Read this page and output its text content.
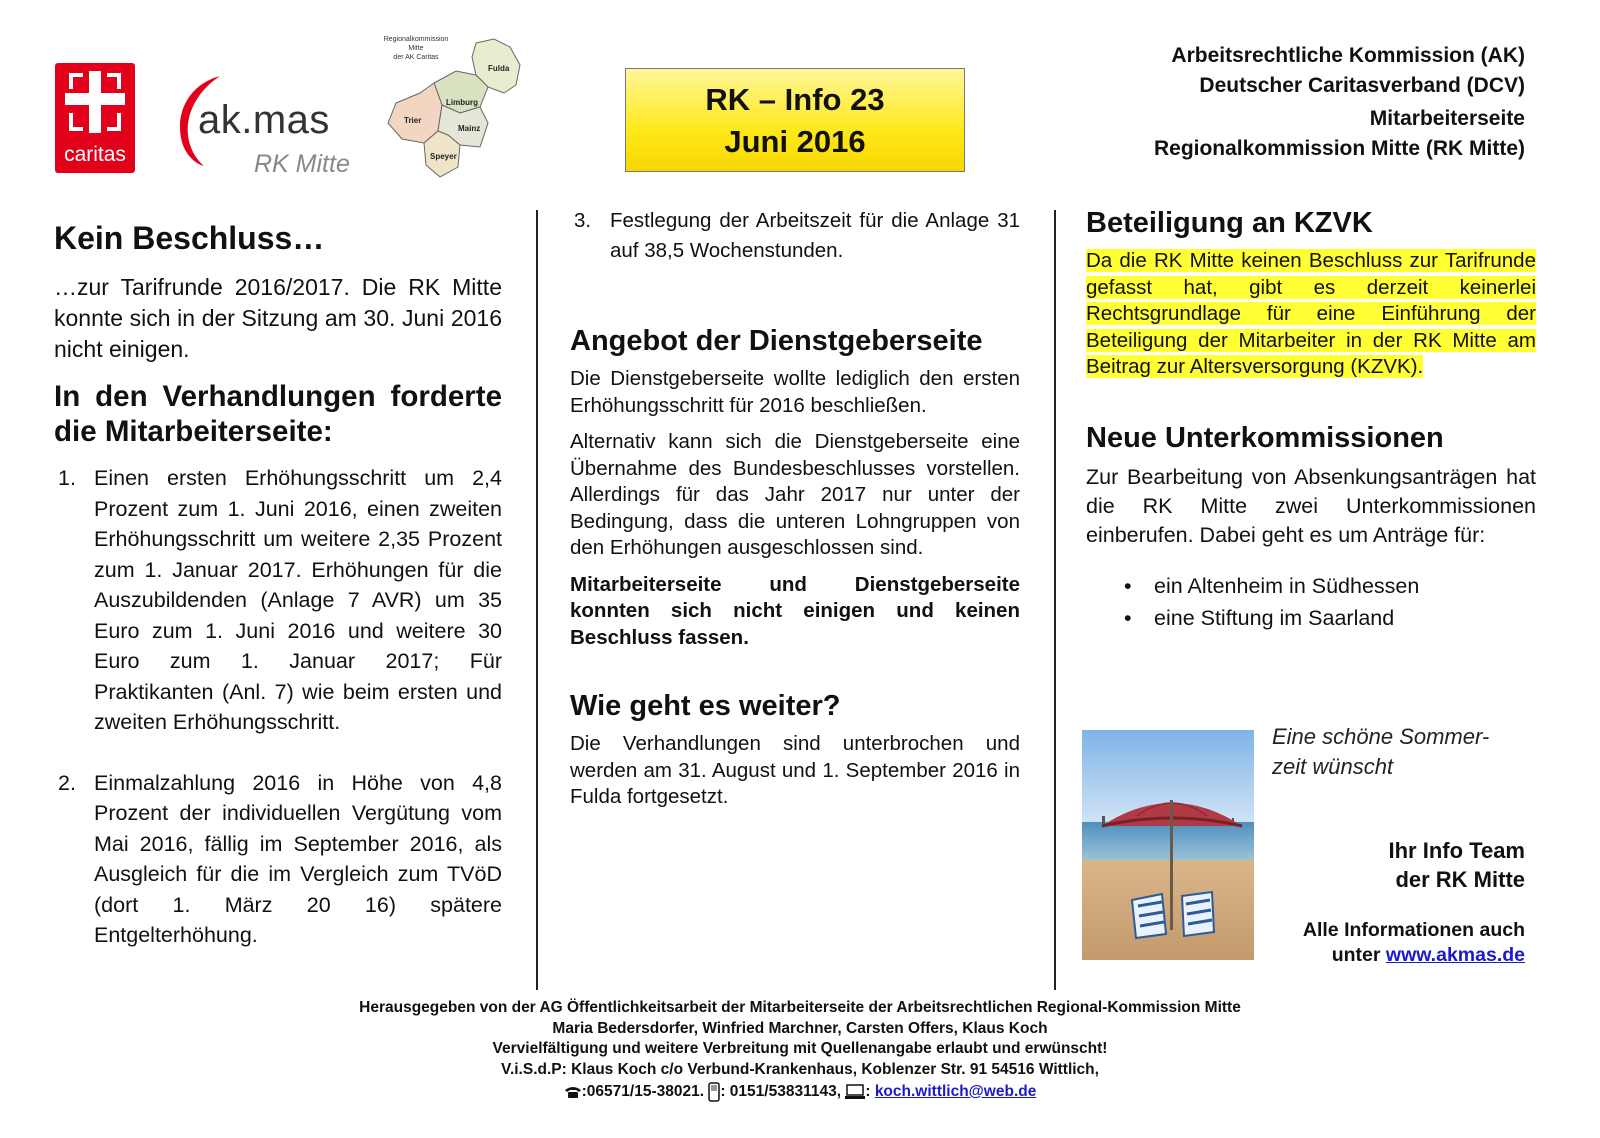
caritas
ak.mas
RK Mitte
Regionalkommission
Mitte
der AK Caritas
Fulda
Limburg
Trier
Mainz
Speyer
RK – Info 23
Juni 2016
Arbeitsrechtliche Kommission (AK)
Deutscher Caritasverband (DCV)
Mitarbeiterseite
Regionalkommission Mitte (RK Mitte)
Kein Beschluss…
…zur Tarifrunde 2016/2017. Die RK Mitte konnte sich in der Sitzung am 30. Juni 2016 nicht einigen.
In den Verhandlungen forderte die Mitarbeiterseite:
1. Einen ersten Erhöhungsschritt um 2,4 Prozent zum 1. Juni 2016, einen zweiten Erhöhungsschritt um weitere 2,35 Prozent zum 1. Januar 2017. Erhöhungen für die Auszubildenden (Anlage 7 AVR) um 35 Euro zum 1. Juni 2016 und weitere 30 Euro zum 1. Januar 2017; Für Praktikanten (Anl. 7) wie beim ersten und zweiten Erhöhungsschritt.
2. Einmalzahlung 2016 in Höhe von 4,8 Prozent der individuellen Vergütung vom Mai 2016, fällig im September 2016, als Ausgleich für die im Vergleich zum TVöD (dort 1. März 20 16) spätere Entgelterhöhung.
3. Festlegung der Arbeitszeit für die Anlage 31 auf 38,5 Wochenstunden.
Angebot der Dienstgeberseite
Die Dienstgeberseite wollte lediglich den ersten Erhöhungsschritt für 2016 beschließen.
Alternativ kann sich die Dienstgeberseite eine Übernahme des Bundesbeschlusses vorstellen. Allerdings für das Jahr 2017 nur unter der Bedingung, dass die unteren Lohngruppen von den Erhöhungen ausgeschlossen sind.
Mitarbeiterseite und Dienstgeberseite konnten sich nicht einigen und keinen Beschluss fassen.
Wie geht es weiter?
Die Verhandlungen sind unterbrochen und werden am 31. August und 1. September 2016 in Fulda fortgesetzt.
Beteiligung an KZVK
Da die RK Mitte keinen Beschluss zur Tarifrunde gefasst hat, gibt es derzeit keinerlei Rechtsgrundlage für eine Einführung der Beteiligung der Mitarbeiter in der RK Mitte am Beitrag zur Altersversorgung (KZVK).
Neue Unterkommissionen
Zur Bearbeitung von Absenkungsanträgen hat die RK Mitte zwei Unterkommissionen einberufen. Dabei geht es um Anträge für:
• ein Altenheim in Südhessen
• eine Stiftung im Saarland
Eine schöne Sommer-
zeit wünscht
Ihr Info Team
der RK Mitte
Alle Informationen auch
unter www.akmas.de
Herausgegeben von der AG Öffentlichkeitsarbeit der Mitarbeiterseite der Arbeitsrechtlichen Regional-Kommission Mitte
Maria Bedersdorfer, Winfried Marchner, Carsten Offers, Klaus Koch
Vervielfältigung und weitere Verbreitung mit Quellenangabe erlaubt und erwünscht!
V.i.S.d.P: Klaus Koch c/o Verbund-Krankenhaus, Koblenzer Str. 91 54516 Wittlich,
:06571/15-38021. : 0151/53831143, : koch.wittlich@web.de
